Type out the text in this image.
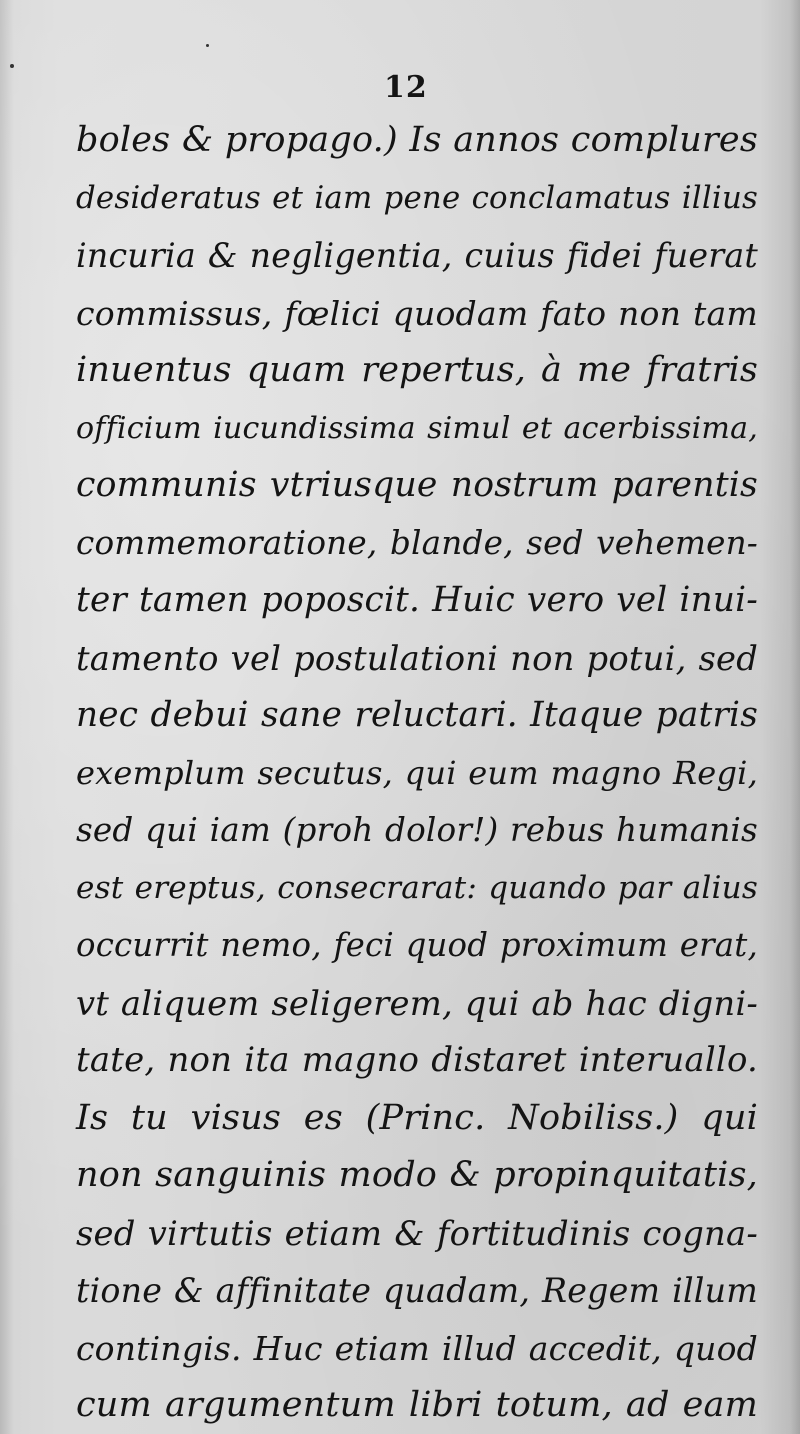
12
boles & propago.) Is annos complures
desideratus et iam pene conclamatus illius
incuria & negligentia, cuius fidei fuerat
commissus, fœlici quodam fato non tam
inuentus quam repertus, à me fratris
officium iucundissima simul et acerbissima,
communis vtriusque nostrum parentis
commemoratione, blande, sed vehemen-
ter tamen poposcit. Huic vero vel inui-
tamento vel postulationi non potui, sed
nec debui sane reluctari. Itaque patris
exemplum secutus, qui eum magno Regi,
sed qui iam (proh dolor!) rebus humanis
est ereptus, consecrarat: quando par alius
occurrit nemo, feci quod proximum erat,
vt aliquem seligerem, qui ab hac digni-
tate, non ita magno distaret interuallo.
Is tu visus es (Princ. Nobiliss.) qui
non sanguinis modo & propinquitatis,
sed virtutis etiam & fortitudinis cogna-
tione & affinitate quadam, Regem illum
contingis. Huc etiam illud accedit, quod
cum argumentum libri totum, ad eam
